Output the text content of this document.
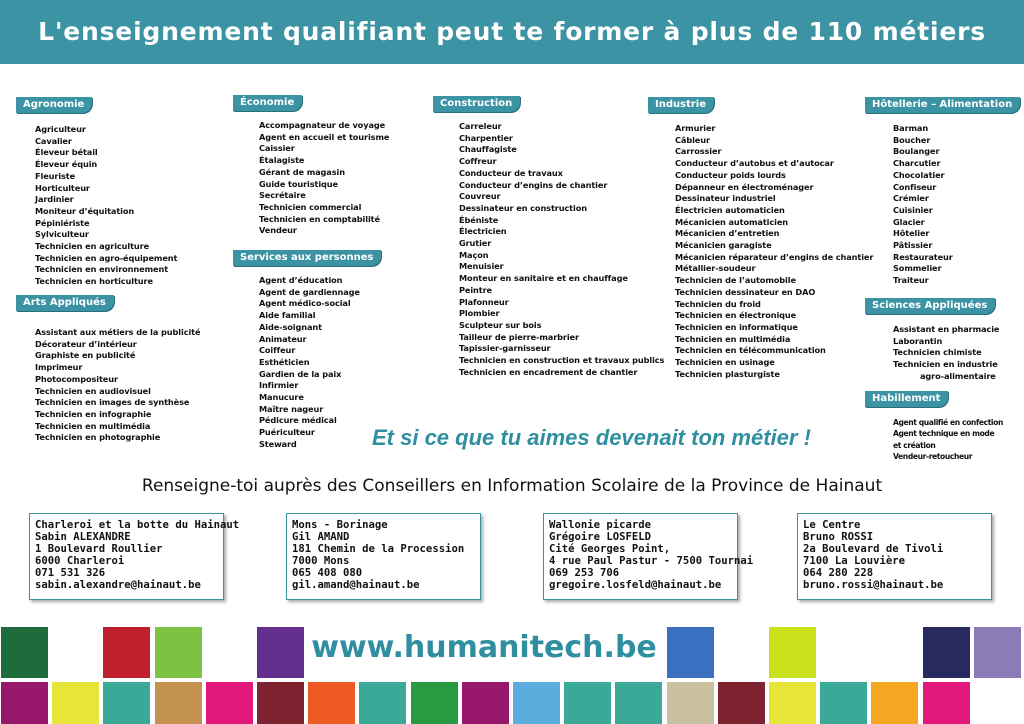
L'enseignement qualifiant peut te former à plus de 110 métiers
Agronomie
Agriculteur
Cavalier
Éleveur bétail
Éleveur équin
Fleuriste
Horticulteur
Jardinier
Moniteur d’équitation
Pépiniériste
Sylviculteur
Technicien en agriculture
Technicien en agro-équipement
Technicien en environnement
Technicien en horticulture
Arts Appliqués
Assistant aux métiers de la publicité
Décorateur d’intérieur
Graphiste en publicité
Imprimeur
Photocompositeur
Technicien en audiovisuel
Technicien en images de synthèse
Technicien en infographie
Technicien en multimédia
Technicien en photographie
Économie
Accompagnateur de voyage
Agent en accueil et tourisme
Caissier
Étalagiste
Gérant de magasin
Guide touristique
Secrétaire
Technicien commercial
Technicien en comptabilité
Vendeur
Services aux personnes
Agent d’éducation
Agent de gardiennage
Agent médico-social
Aide familial
Aide-soignant
Animateur
Coiffeur
Esthéticien
Gardien de la paix
Infirmier
Manucure
Maître nageur
Pédicure médical
Puériculteur
Steward
Construction
Carreleur
Charpentier
Chauffagiste
Coffreur
Conducteur de travaux
Conducteur d’engins de chantier
Couvreur
Dessinateur en construction
Ébéniste
Électricien
Grutier
Maçon
Menuisier
Monteur en sanitaire et en chauffage
Peintre
Plafonneur
Plombier
Sculpteur sur bois
Tailleur de pierre-marbrier
Tapissier-garnisseur
Technicien en construction et travaux publics
Technicien en encadrement de chantier
Industrie
Armurier
Câbleur
Carrossier
Conducteur d’autobus et d’autocar
Conducteur poids lourds
Dépanneur en électroménager
Dessinateur industriel
Électricien automaticien
Mécanicien automaticien
Mécanicien d’entretien
Mécanicien garagiste
Mécanicien réparateur d’engins de chantier
Métallier-soudeur
Technicien de l’automobile
Technicien dessinateur en DAO
Technicien du froid
Technicien en électronique
Technicien en informatique
Technicien en multimédia
Technicien en télécommunication
Technicien en usinage
Technicien plasturgiste
Hôtellerie – Alimentation
Barman
Boucher
Boulanger
Charcutier
Chocolatier
Confiseur
Crémier
Cuisinier
Glacier
Hôtelier
Pâtissier
Restaurateur
Sommelier
Traiteur
Sciences Appliquées
Assistant en pharmacie
Laborantin
Technicien chimiste
Technicien en industrie
agro-alimentaire
Habillement
Agent qualifié en confection
Agent technique en mode
et création
Vendeur-retoucheur
Et si ce que tu aimes devenait ton métier !
Renseigne-toi auprès des Conseillers en Information Scolaire de la Province de Hainaut
Charleroi et la botte du Hainaut
Sabin ALEXANDRE
1 Boulevard Roullier
6000 Charleroi
071 531 326
sabin.alexandre@hainaut.be
Mons - Borinage
Gil AMAND
181 Chemin de la Procession
7000 Mons
065 408 080
gil.amand@hainaut.be
Wallonie picarde
Grégoire LOSFELD
Cité Georges Point,
4 rue Paul Pastur - 7500 Tournai
069 253 706
gregoire.losfeld@hainaut.be
Le Centre
Bruno ROSSI
2a Boulevard de Tivoli
7100 La Louvière
064 280 228
bruno.rossi@hainaut.be
www.humanitech.be
